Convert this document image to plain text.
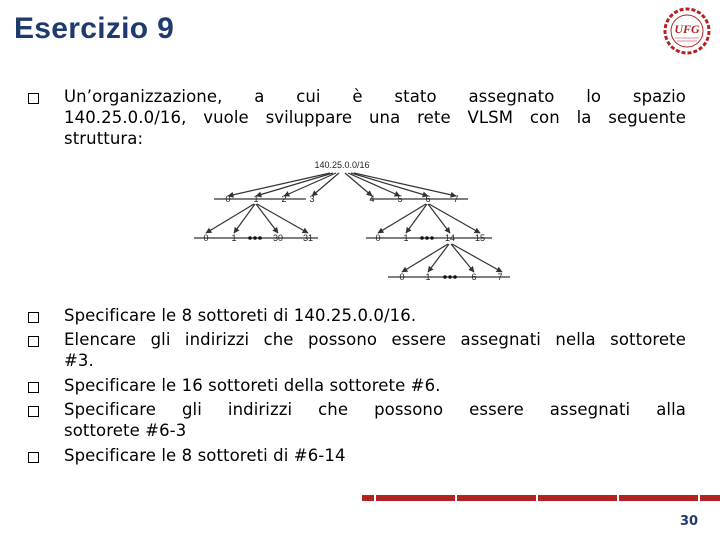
Esercizio 9	UFG
Un’organizzazione, a cui è stato assegnato lo spazio
140.25.0.0/16, vuole sviluppare una rete VLSM con la seguente
struttura:
140.25.0.0/16
0	1	2	3	4	5	6	7
0	1	30 31	0	1	14 15
0 1	6 7
Specificare le 8 sottoreti di 140.25.0.0/16.
Elencare gli indirizzi che possono essere assegnati nella sottorete
#3.
Specificare le 16 sottoreti della sottorete #6.
Specificare gli indirizzi che possono essere assegnati alla
sottorete #6-3
Specificare le 8 sottoreti di #6-14
30
